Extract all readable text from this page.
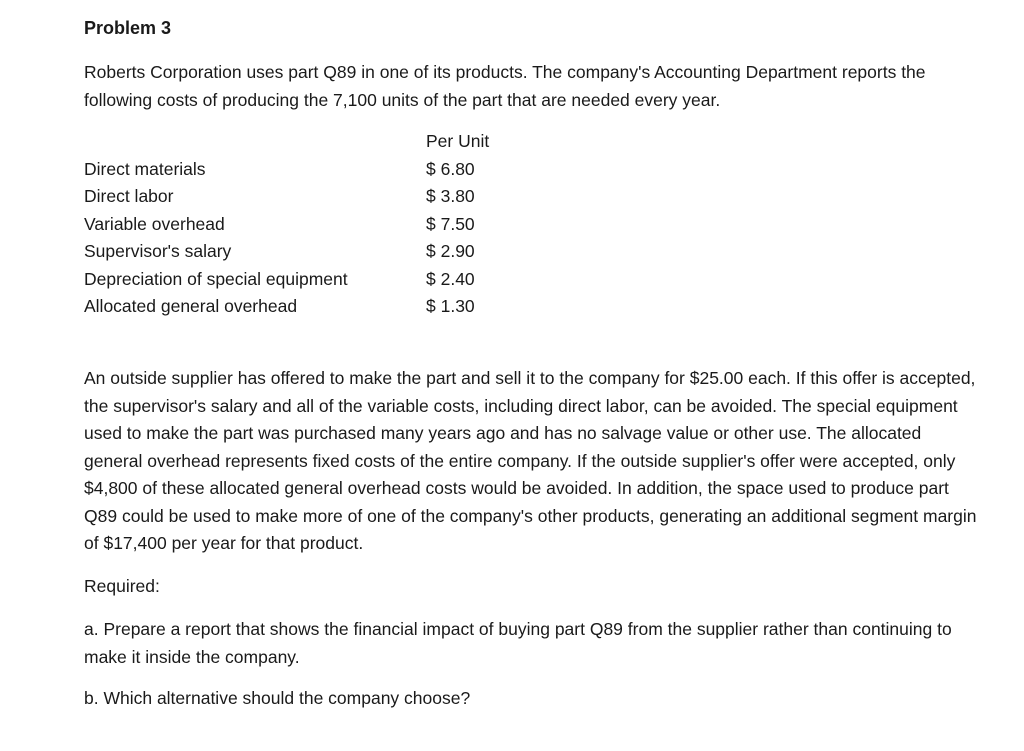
Problem 3
Roberts Corporation uses part Q89 in one of its products. The company's Accounting Department reports the following costs of producing the 7,100 units of the part that are needed every year.
Per Unit
Direct materials	$ 6.80
Direct labor	$ 3.80
Variable overhead	$ 7.50
Supervisor's salary	$ 2.90
Depreciation of special equipment	$ 2.40
Allocated general overhead	$ 1.30
An outside supplier has offered to make the part and sell it to the company for $25.00 each. If this offer is accepted, the supervisor's salary and all of the variable costs, including direct labor, can be avoided. The special equipment used to make the part was purchased many years ago and has no salvage value or other use. The allocated general overhead represents fixed costs of the entire company. If the outside supplier's offer were accepted, only $4,800 of these allocated general overhead costs would be avoided. In addition, the space used to produce part Q89 could be used to make more of one of the company's other products, generating an additional segment margin of $17,400 per year for that product.
Required:
a. Prepare a report that shows the financial impact of buying part Q89 from the supplier rather than continuing to make it inside the company.
b. Which alternative should the company choose?
